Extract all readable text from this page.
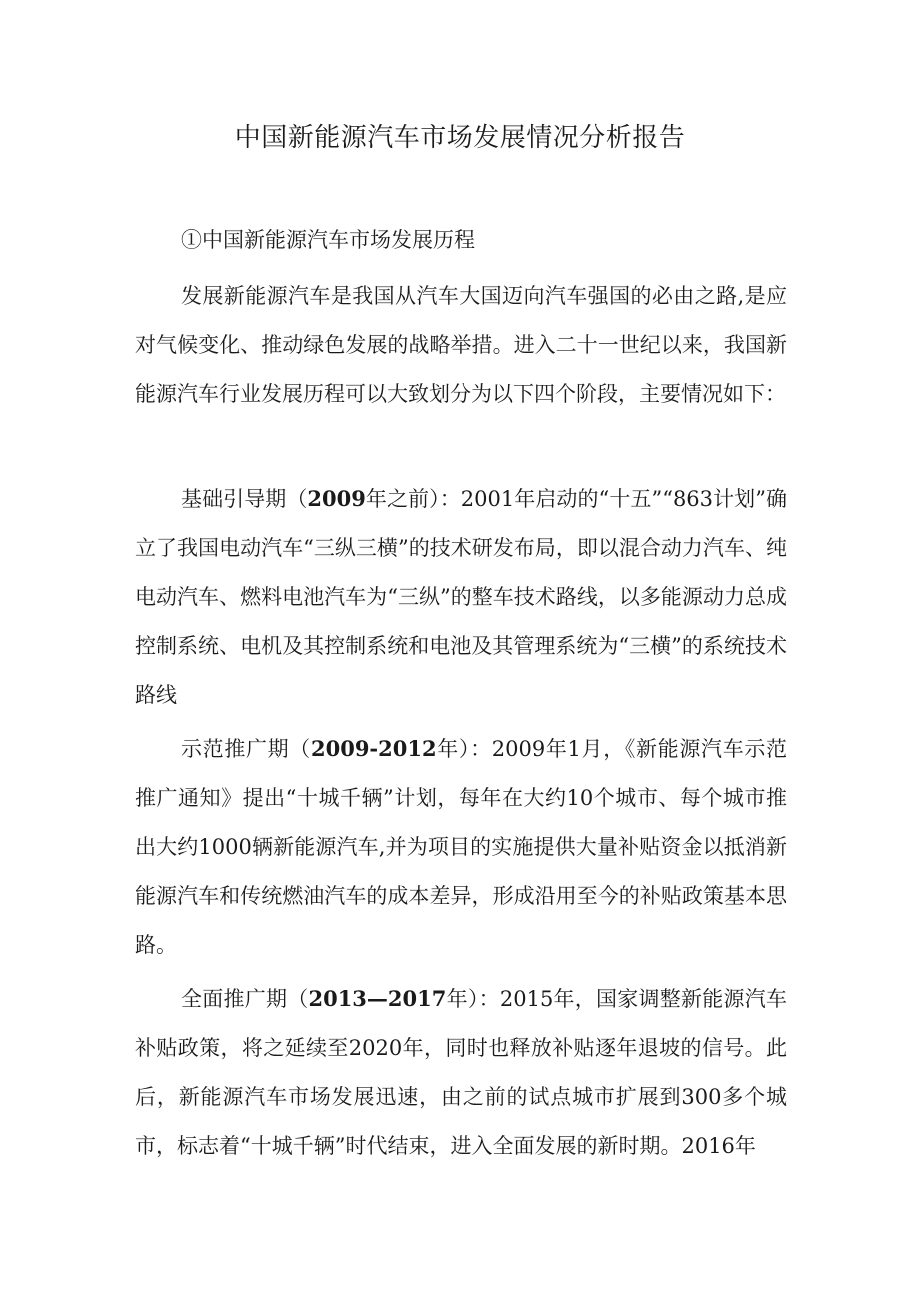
中国新能源汽车市场发展情况分析报告
①中国新能源汽车市场发展历程

发展新能源汽车是我国从汽车大国迈向汽车强国的必由之路,是应对气候变化、推动绿色发展的战略举措。进入二十一世纪以来，我国新能源汽车行业发展历程可以大致划分为以下四个阶段，主要情况如下：

基础引导期（2009年之前）：2001年启动的“十五”“863计划”确立了我国电动汽车“三纵三横”的技术研发布局，即以混合动力汽车、纯电动汽车、燃料电池汽车为“三纵”的整车技术路线，以多能源动力总成控制系统、电机及其控制系统和电池及其管理系统为“三横”的系统技术路线

示范推广期（2009-2012年）：2009年1月，《新能源汽车示范推广通知》提出“十城千辆”计划，每年在大约10个城市、每个城市推出大约1000辆新能源汽车,并为项目的实施提供大量补贴资金以抵消新能源汽车和传统燃油汽车的成本差异，形成沿用至今的补贴政策基本思路。

全面推广期（2013—2017年）：2015年，国家调整新能源汽车补贴政策，将之延续至2020年，同时也释放补贴逐年退坡的信号。此后，新能源汽车市场发展迅速，由之前的试点城市扩展到300多个城市，标志着“十城千辆”时代结束，进入全面发展的新时期。2016年
